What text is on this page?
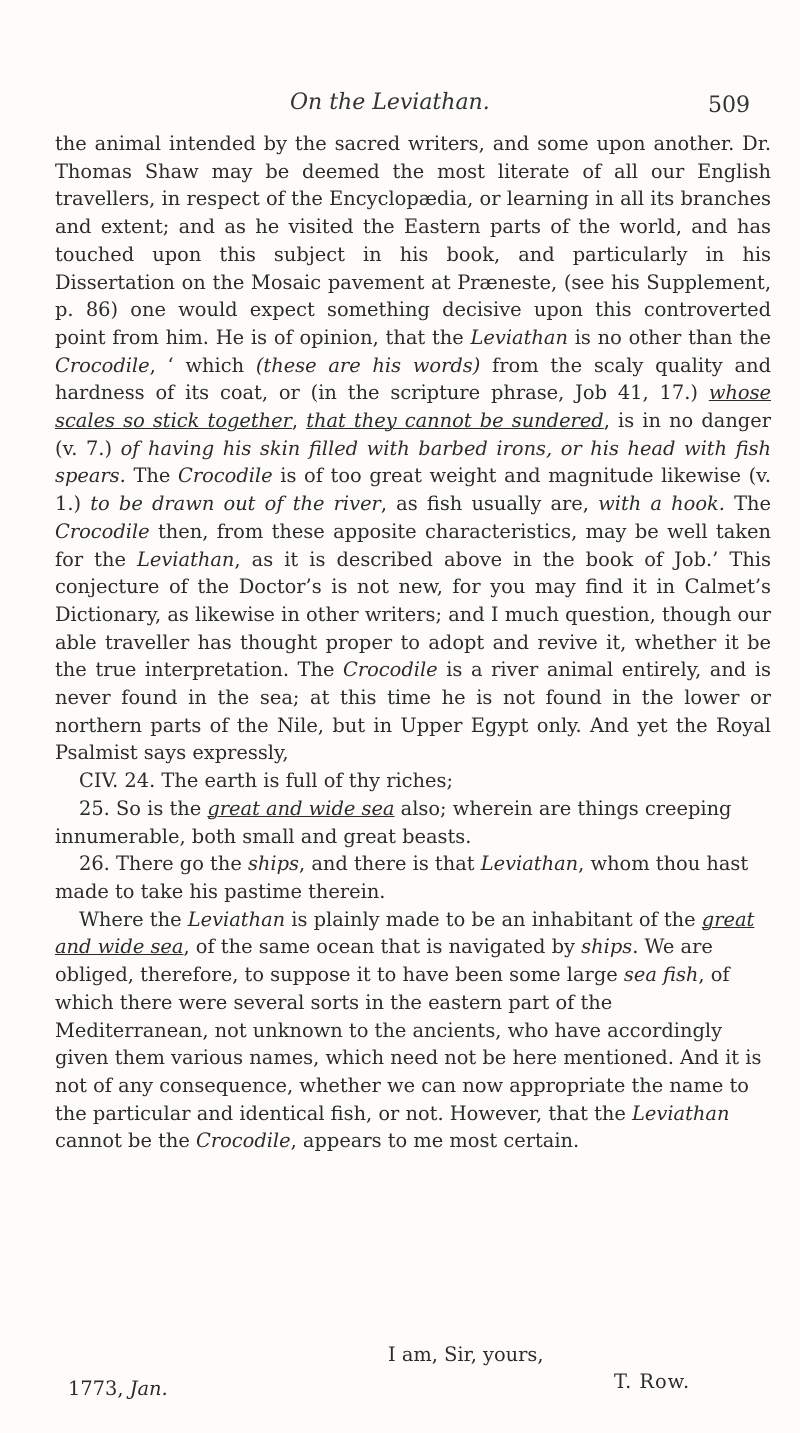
On the Leviathan.	509

the animal intended by the sacred writers, and some upon another. Dr. Thomas Shaw may be deemed the most literate of all our English travellers, in respect of the Encyclopædia, or learning in all its branches and extent; and as he visited the Eastern parts of the world, and has touched upon this subject in his book, and particularly in his Dissertation on the Mosaic pavement at Præneste, (see his Supplement, p. 86) one would expect something decisive upon this controverted point from him. He is of opinion, that the Leviathan is no other than the Crocodile, ‘ which (these are his words) from the scaly quality and hardness of its coat, or (in the scripture phrase, Job 41, 17.) whose scales so stick together, that they cannot be sundered, is in no danger (v. 7.) of having his skin filled with barbed irons, or his head with fish spears. The Crocodile is of too great weight and magnitude likewise (v. 1.) to be drawn out of the river, as fish usually are, with a hook. The Crocodile then, from these apposite characteristics, may be well taken for the Leviathan, as it is described above in the book of Job.’ This conjecture of the Doctor’s is not new, for you may find it in Calmet’s Dictionary, as likewise in other writers; and I much question, though our able traveller has thought proper to adopt and revive it, whether it be the true interpretation. The Crocodile is a river animal entirely, and is never found in the sea; at this time he is not found in the lower or northern parts of the Nile, but in Upper Egypt only. And yet the Royal Psalmist says expressly,

CIV. 24. The earth is full of thy riches;

25. So is the great and wide sea also; wherein are things creeping innumerable, both small and great beasts.

26. There go the ships, and there is that Leviathan, whom thou hast made to take his pastime therein.

Where the Leviathan is plainly made to be an inhabitant of the great and wide sea, of the same ocean that is navigated by ships. We are obliged, therefore, to suppose it to have been some large sea fish, of which there were several sorts in the eastern part of the Mediterranean, not unknown to the ancients, who have accordingly given them various names, which need not be here mentioned. And it is not of any consequence, whether we can now appropriate the name to the particular and identical fish, or not. However, that the Leviathan cannot be the Crocodile, appears to me most certain.

I am, Sir, yours,
1773, Jan.	T. Row.
